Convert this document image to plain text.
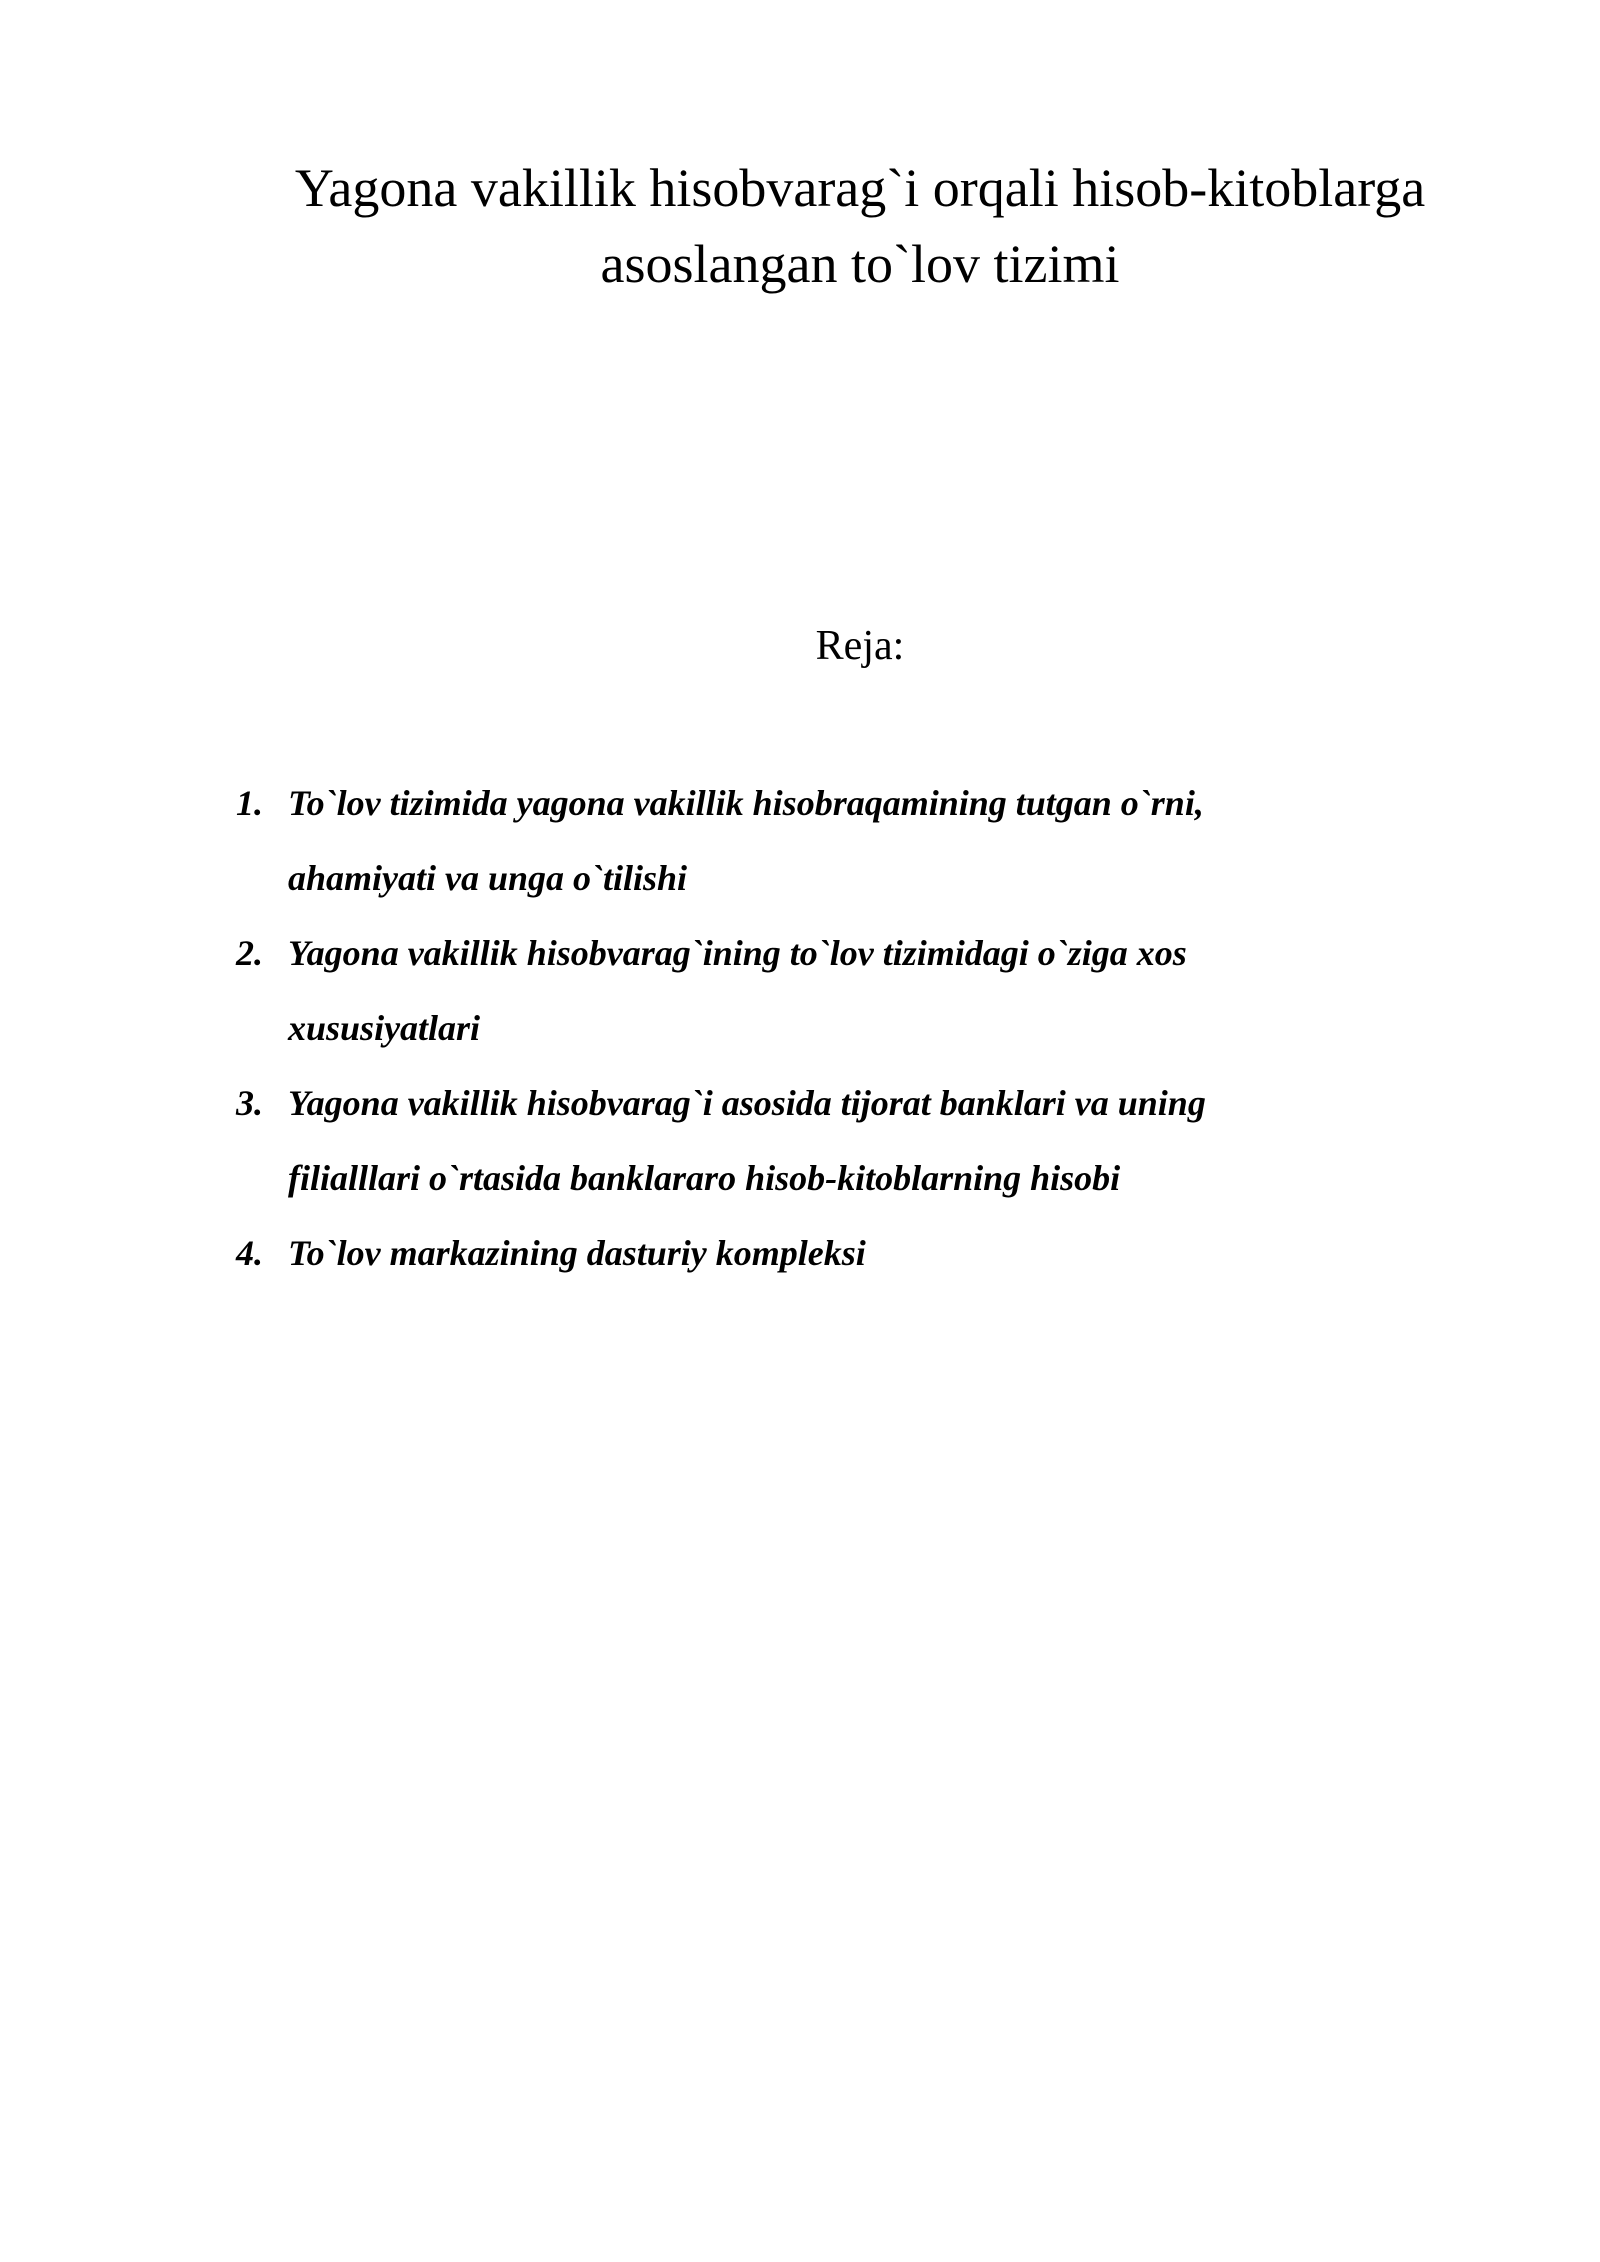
Yagona vakillik hisobvarag`i orqali hisob-kitoblarga
asoslangan to`lov tizimi
Reja:
1. To`lov tizimida yagona vakillik hisobraqamining tutgan o`rni,
ahamiyati va unga o`tilishi
2. Yagona vakillik hisobvarag`ining to`lov tizimidagi o`ziga xos
xususiyatlari
3. Yagona vakillik hisobvarag`i asosida tijorat banklari va uning
filialllari o`rtasida banklararo hisob-kitoblarning hisobi
4. To`lov markazining dasturiy kompleksi
